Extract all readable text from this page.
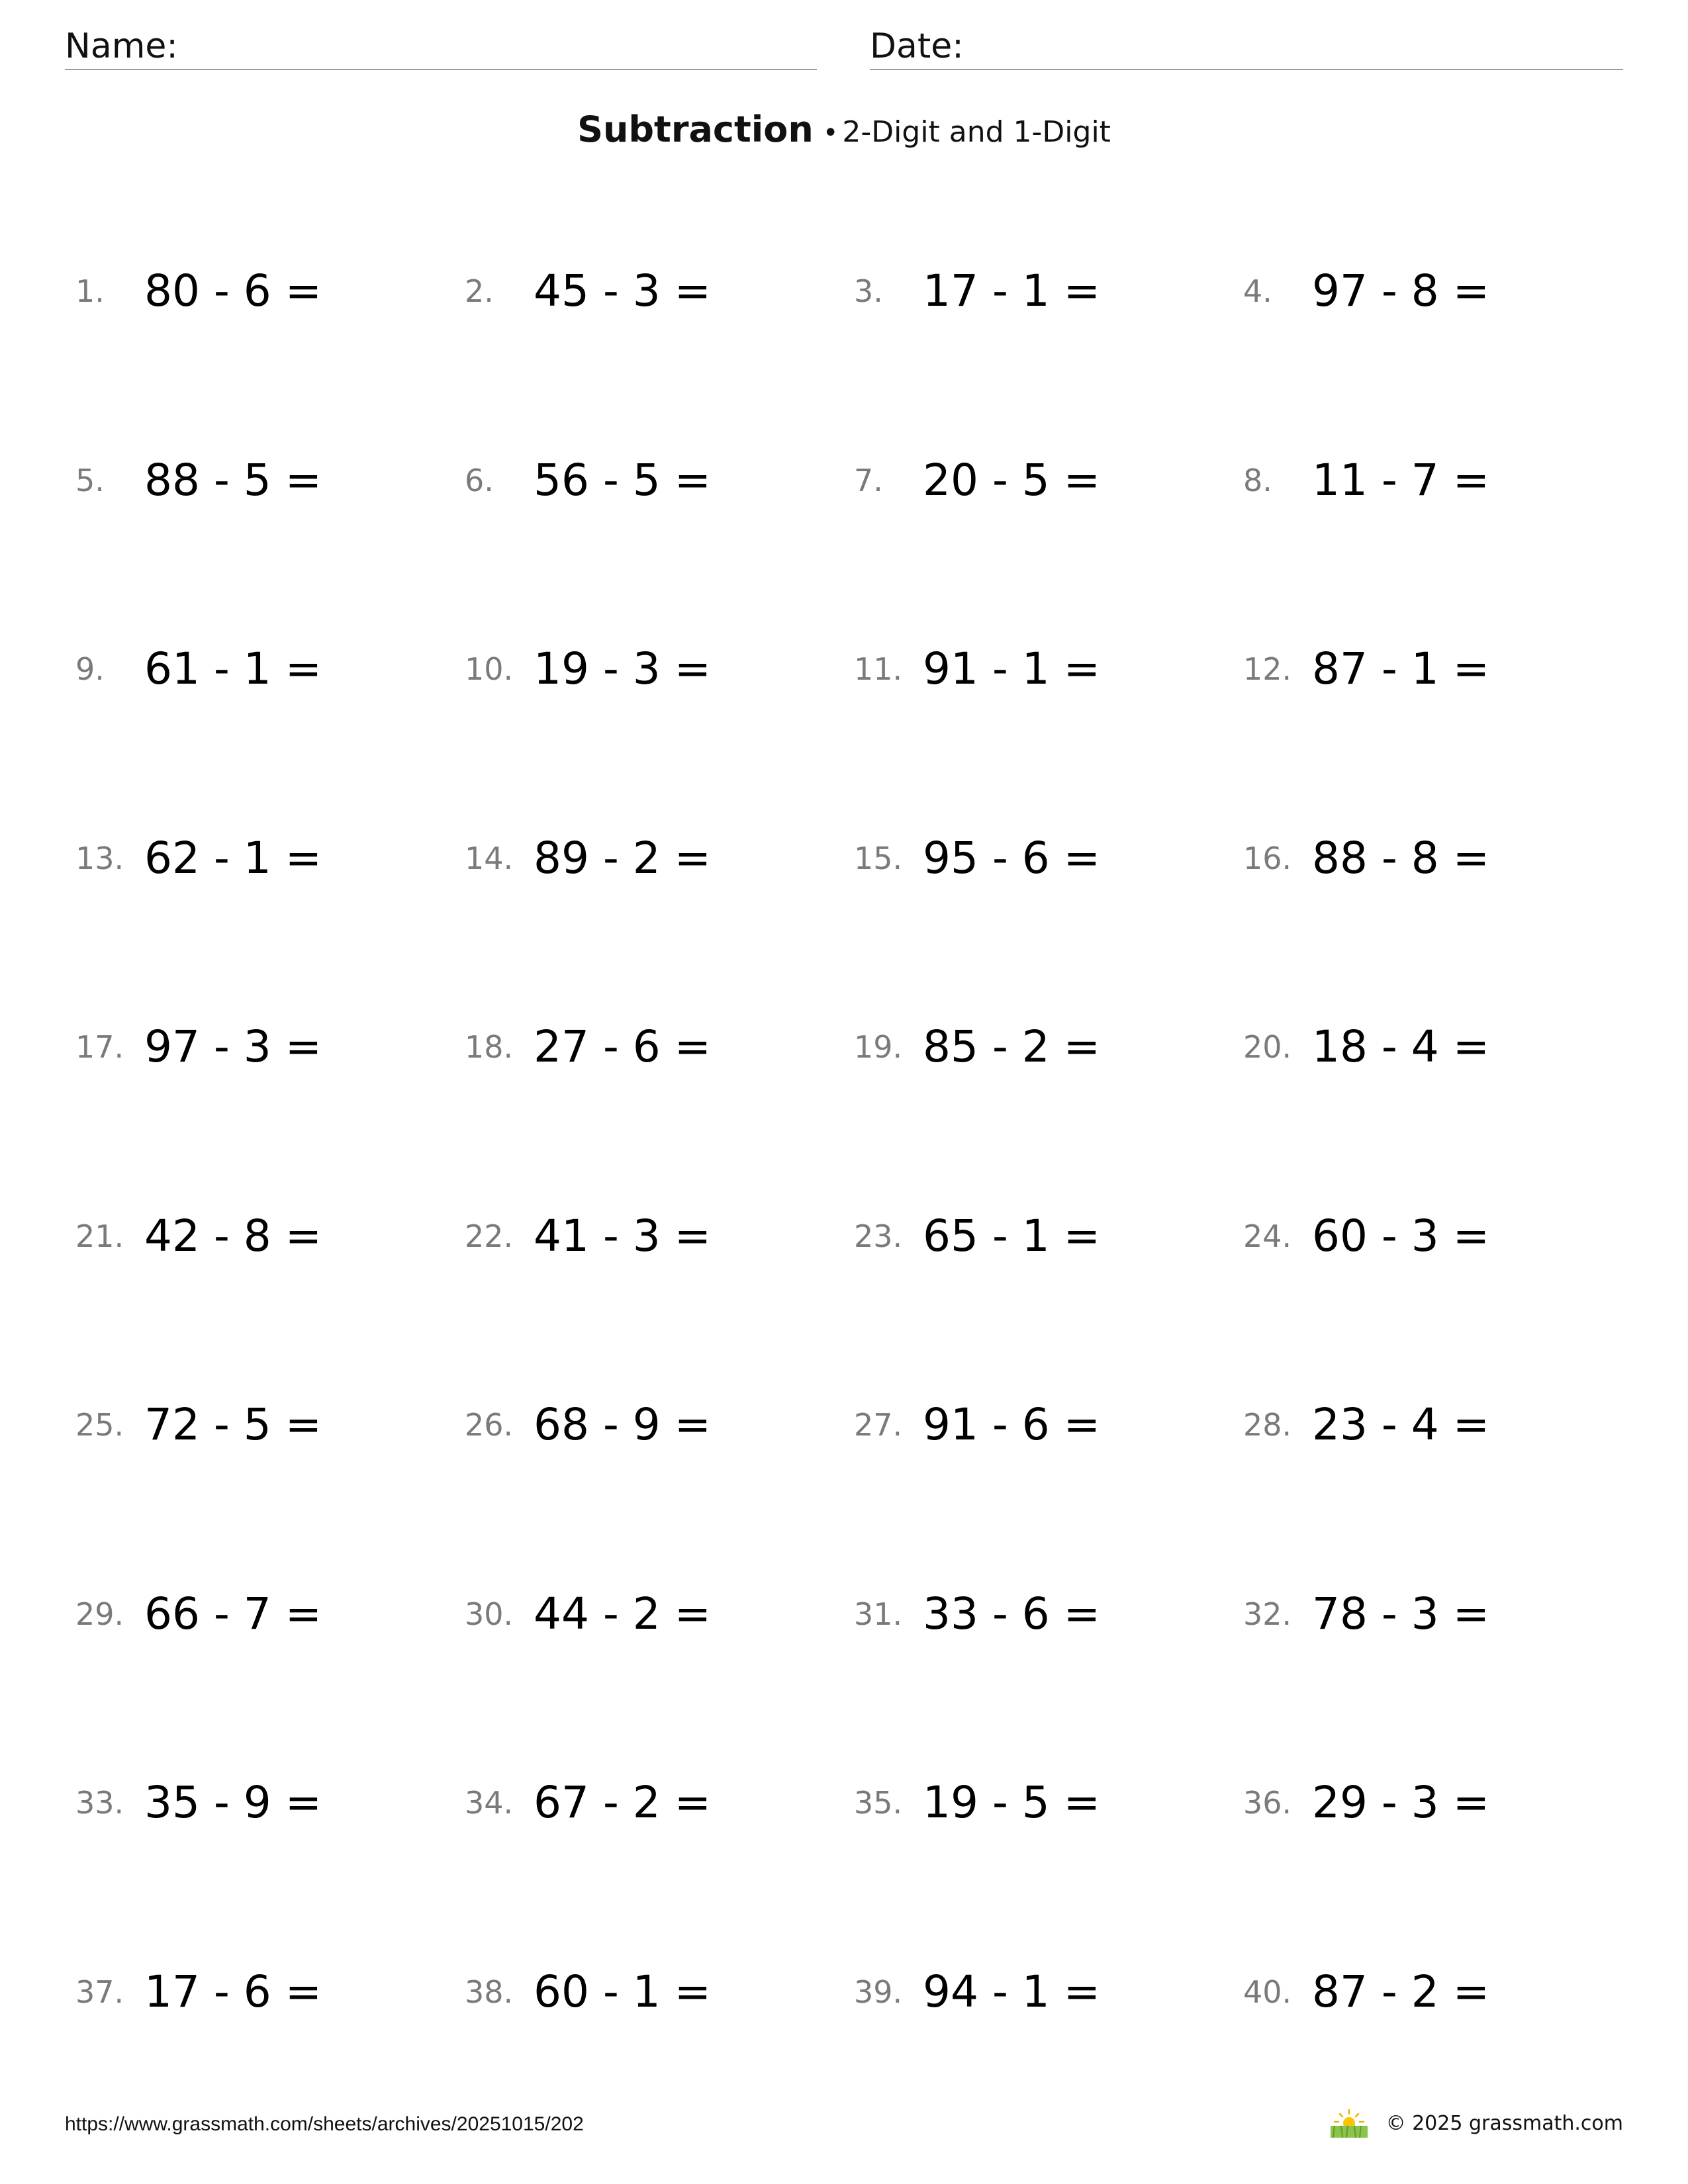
Name:	Date:
Subtraction • 2-Digit and 1-Digit
1. 80 - 6 =	2. 45 - 3 =	3. 17 - 1 =	4. 97 - 8 =
5. 88 - 5 =	6. 56 - 5 =	7. 20 - 5 =	8. 11 - 7 =
9. 61 - 1 =	10. 19 - 3 =	11. 91 - 1 =	12. 87 - 1 =
13. 62 - 1 =	14. 89 - 2 =	15. 95 - 6 =	16. 88 - 8 =
17. 97 - 3 =	18. 27 - 6 =	19. 85 - 2 =	20. 18 - 4 =
21. 42 - 8 =	22. 41 - 3 =	23. 65 - 1 =	24. 60 - 3 =
25. 72 - 5 =	26. 68 - 9 =	27. 91 - 6 =	28. 23 - 4 =
29. 66 - 7 =	30. 44 - 2 =	31. 33 - 6 =	32. 78 - 3 =
33. 35 - 9 =	34. 67 - 2 =	35. 19 - 5 =	36. 29 - 3 =
37. 17 - 6 =	38. 60 - 1 =	39. 94 - 1 =	40. 87 - 2 =
https://www.grassmath.com/sheets/archives/20251015/202	© 2025 grassmath.com
